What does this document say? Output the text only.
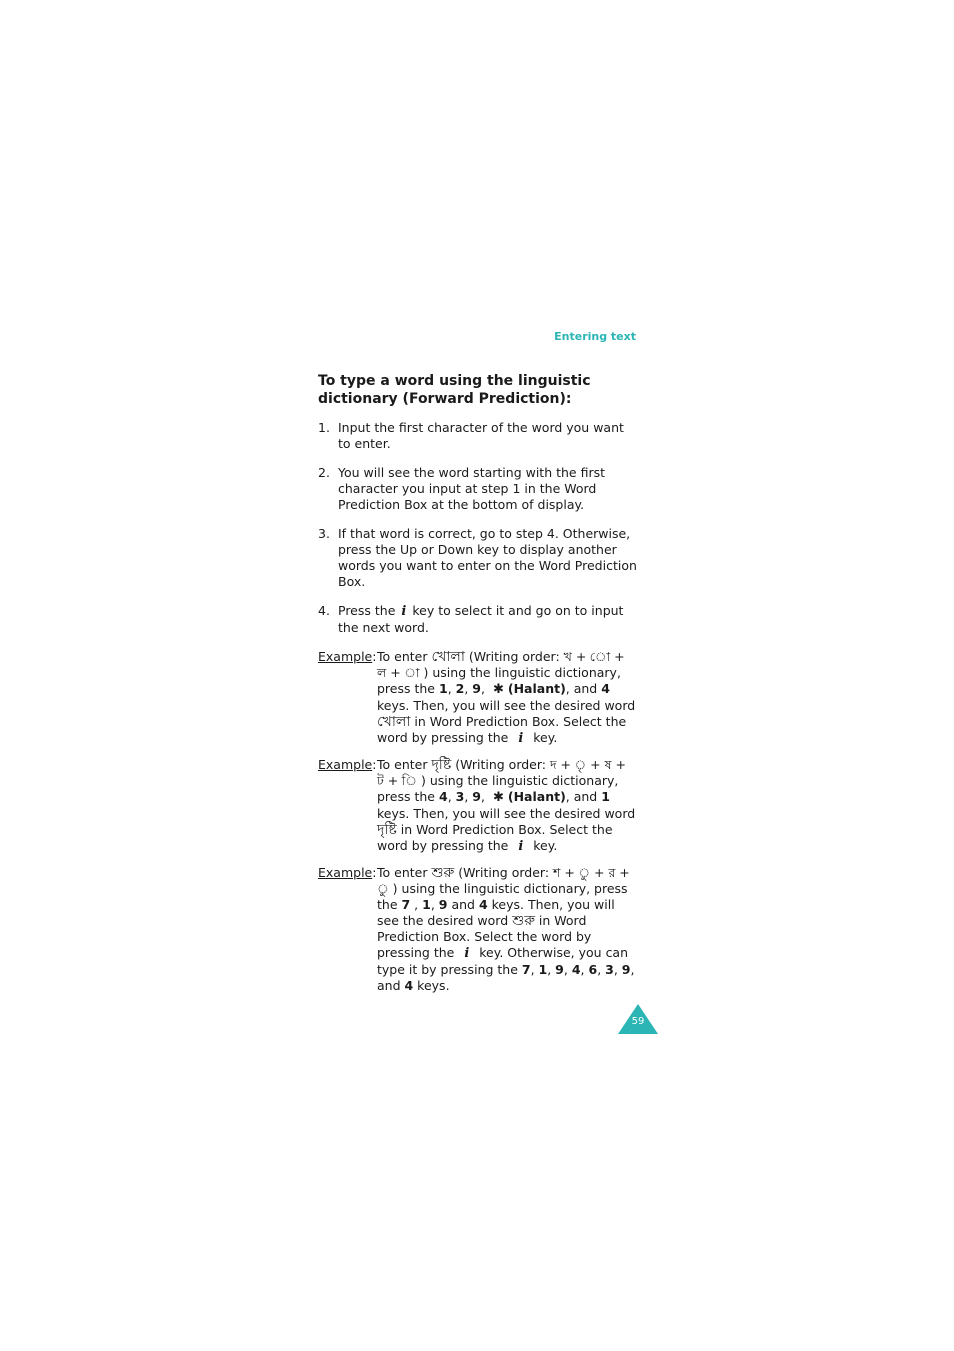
Entering text
To type a word using the linguistic dictionary (Forward Prediction):
1. Input the first character of the word you want to enter.
2. You will see the word starting with the first character you input at step 1 in the Word Prediction Box at the bottom of display.
3. If that word is correct, go to step 4. Otherwise, press the Up or Down key to display another words you want to enter on the Word Prediction Box.
4. Press the i key to select it and go on to input the next word.
Example: To enter খোলা (Writing order: খ + ো + ল + া ) using the linguistic dictionary, press the 1, 2, 9, ✱ (Halant), and 4 keys. Then, you will see the desired word খোলা in Word Prediction Box. Select the word by pressing the i key.
Example: To enter দৃষ্টি (Writing order: দ + ৃ + ষ + ট + ি ) using the linguistic dictionary, press the 4, 3, 9, ✱ (Halant), and 1 keys. Then, you will see the desired word দৃষ্টি in Word Prediction Box. Select the word by pressing the i key.
Example: To enter শুরু (Writing order: শ + ু + র + ু ) using the linguistic dictionary, press the 7 , 1, 9 and 4 keys. Then, you will see the desired word শুরু in Word Prediction Box. Select the word by pressing the i key. Otherwise, you can type it by pressing the 7, 1, 9, 4, 6, 3, 9, and 4 keys.
59
